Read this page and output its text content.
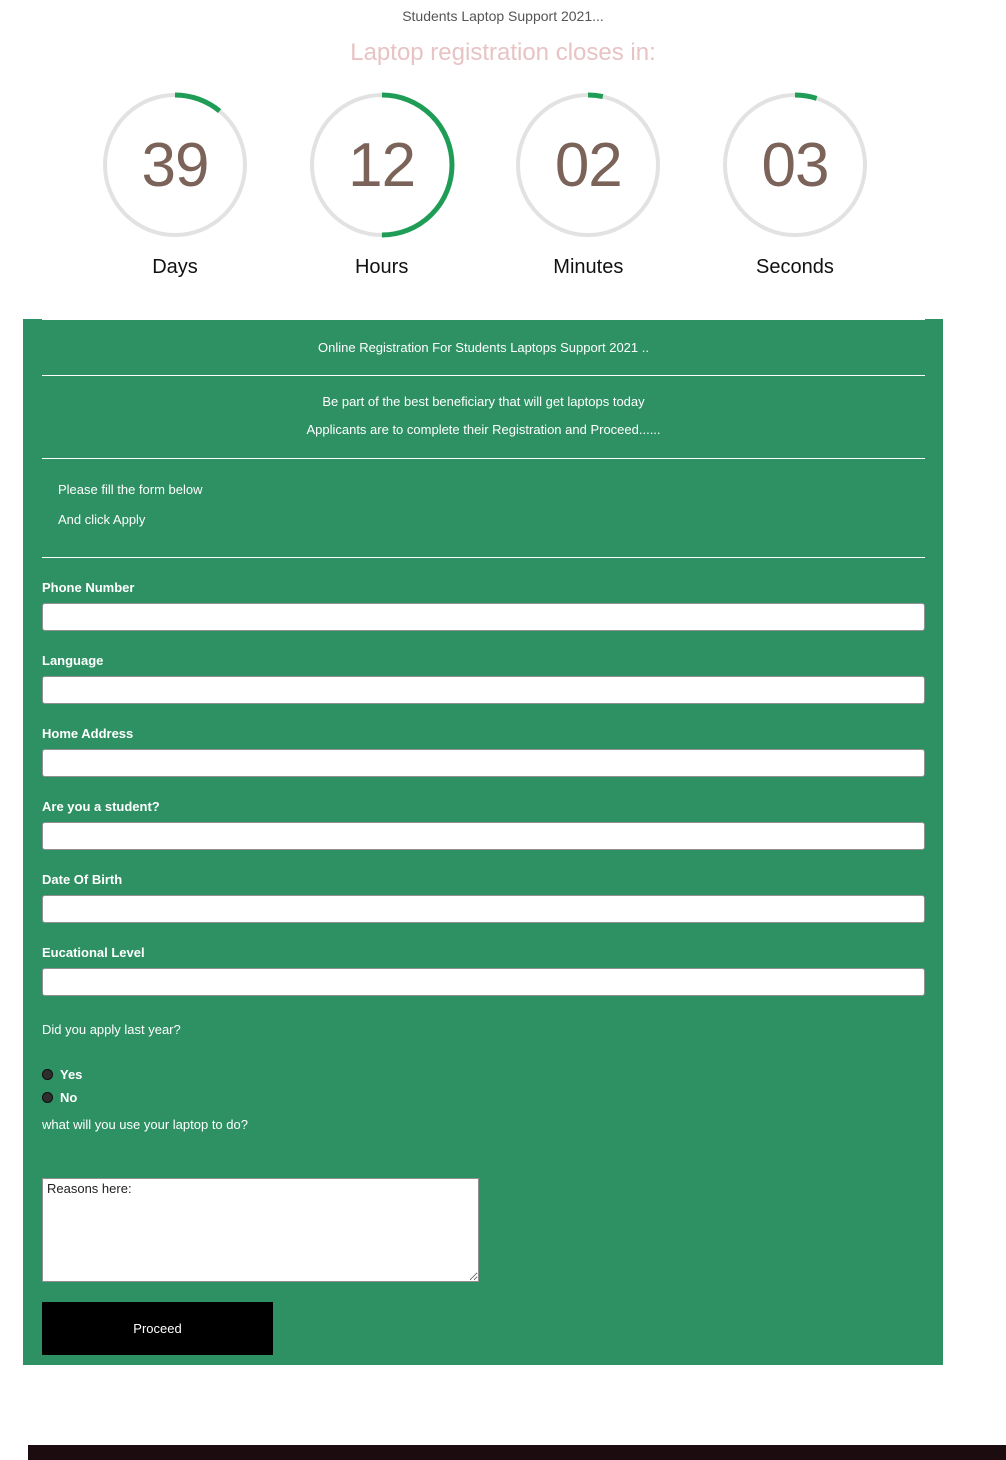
Students Laptop Support 2021...
Laptop registration closes in:
39
Days
12
Hours
02
Minutes
03
Seconds
Online Registration For Students Laptops Support 2021 ..
Be part of the best beneficiary that will get laptops today
Applicants are to complete their Registration and Proceed......
Please fill the form below
And click Apply
Phone Number
Language
Home Address
Are you a student?
Date Of Birth
Eucational Level
Did you apply last year?
Yes
No
what will you use your laptop to do?
Reasons here:
Proceed
